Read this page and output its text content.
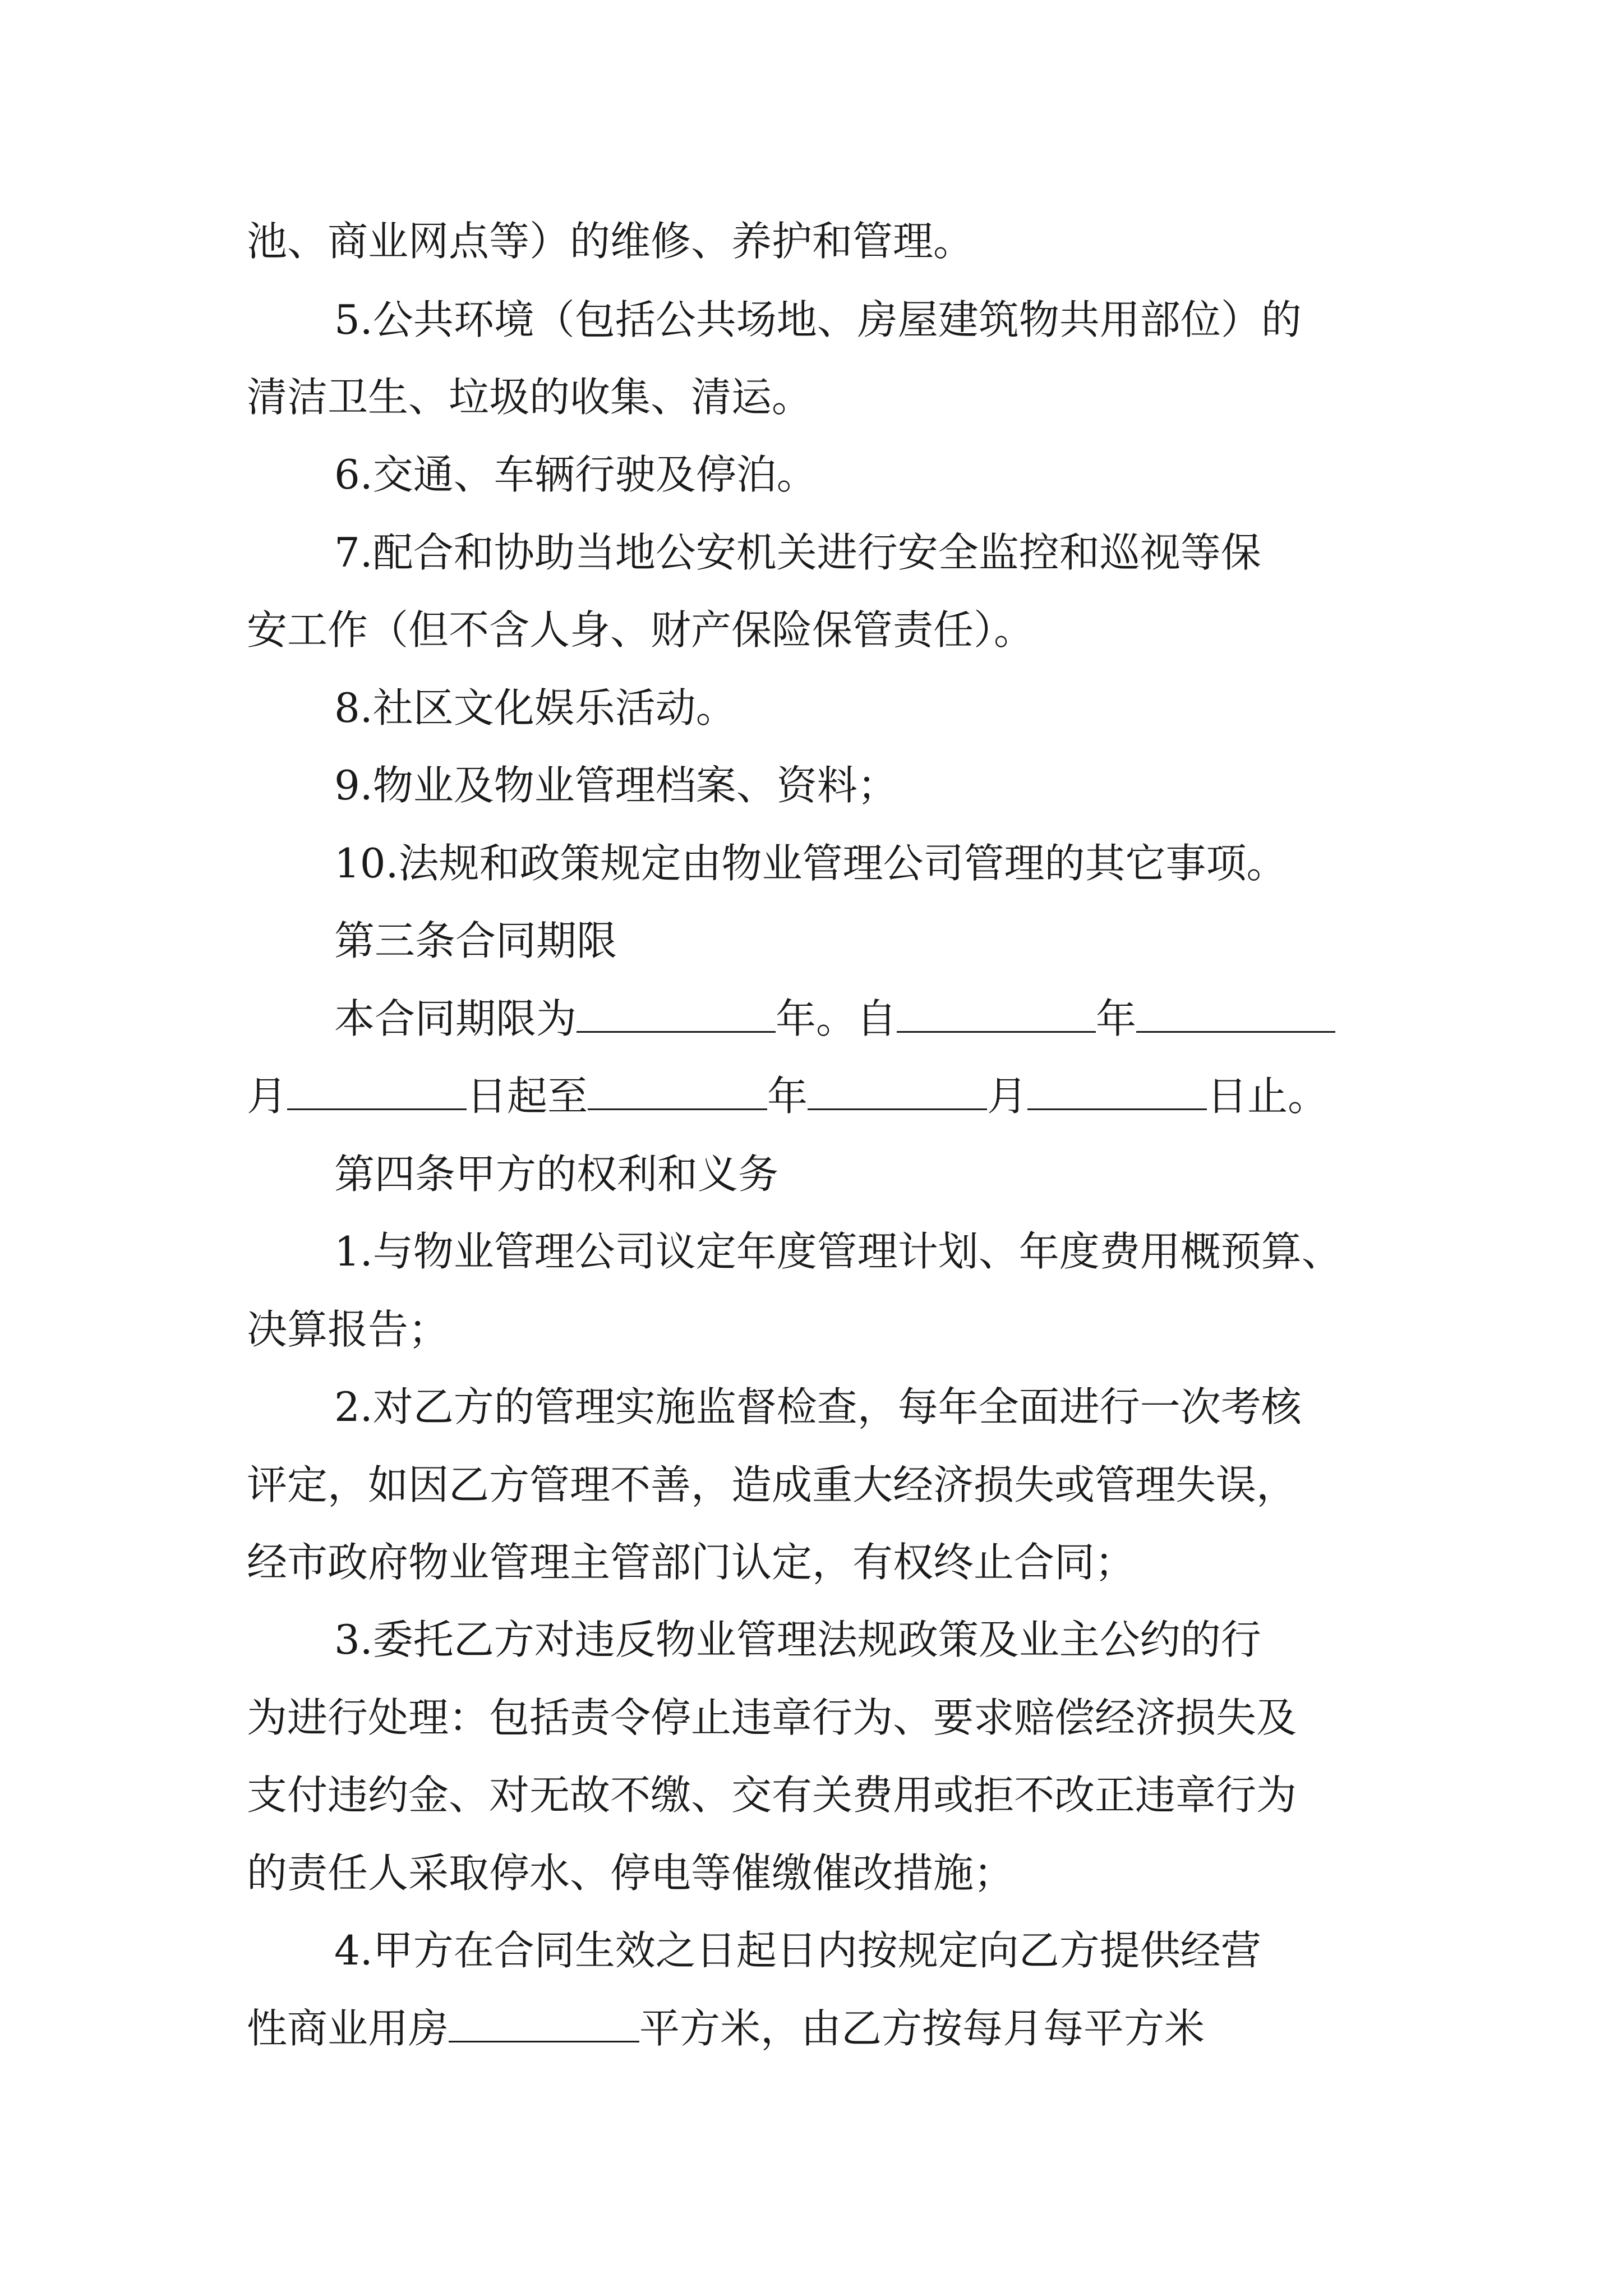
池、商业网点等）的维修、养护和管理。
5.公共环境（包括公共场地、房屋建筑物共用部位）的
清洁卫生、垃圾的收集、清运。
6.交通、车辆行驶及停泊。
7.配合和协助当地公安机关进行安全监控和巡视等保
安工作（但不含人身、财产保险保管责任）。
8.社区文化娱乐活动。
9.物业及物业管理档案、资料；
10.法规和政策规定由物业管理公司管理的其它事项。
第三条合同期限
本合同期限为	年。自	年
月	日起至	年	月	日止。
第四条甲方的权利和义务
1.与物业管理公司议定年度管理计划、年度费用概预算、
决算报告；
2.对乙方的管理实施监督检查，每年全面进行一次考核
评定，如因乙方管理不善，造成重大经济损失或管理失误，
经市政府物业管理主管部门认定，有权终止合同；
3.委托乙方对违反物业管理法规政策及业主公约的行
为进行处理：包括责令停止违章行为、要求赔偿经济损失及
支付违约金、对无故不缴、交有关费用或拒不改正违章行为
的责任人采取停水、停电等催缴催改措施；
4.甲方在合同生效之日起日内按规定向乙方提供经营
性商业用房	平方米，由乙方按每月每平方米
